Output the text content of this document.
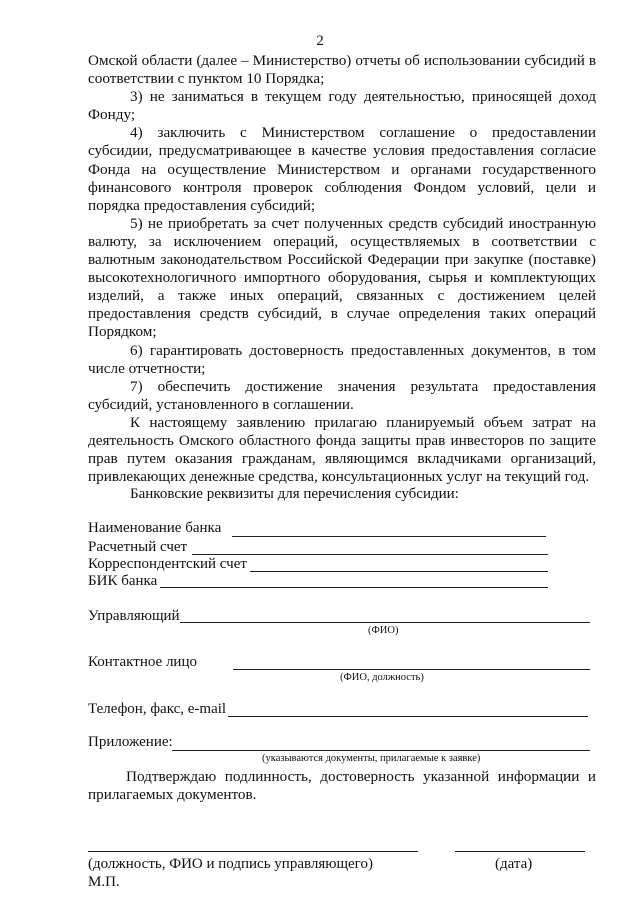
2

Омской области (далее – Министерство) отчеты об использовании субсидий в соответствии с пунктом 10 Порядка;

3) не заниматься в текущем году деятельностью, приносящей доход Фонду;

4) заключить с Министерством соглашение о предоставлении субсидии, предусматривающее в качестве условия предоставления согласие Фонда на осуществление Министерством и органами государственного финансового контроля проверок соблюдения Фондом условий, цели и порядка предоставления субсидий;

5) не приобретать за счет полученных средств субсидий иностранную валюту, за исключением операций, осуществляемых в соответствии с валютным законодательством Российской Федерации при закупке (поставке) высокотехнологичного импортного оборудования, сырья и комплектующих изделий, а также иных операций, связанных с достижением целей предоставления средств субсидий, в случае определения таких операций Порядком;

6) гарантировать достоверность предоставленных документов, в том числе отчетности;

7) обеспечить достижение значения результата предоставления субсидий, установленного в соглашении.

К настоящему заявлению прилагаю планируемый объем затрат на деятельность Омского областного фонда защиты прав инвесторов по защите прав путем оказания гражданам, являющимся вкладчиками организаций, привлекающих денежные средства, консультационных услуг на текущий год.

Банковские реквизиты для перечисления субсидии:
Наименование банка
Расчетный счет
Корреспондентский счет
БИК банка
Управляющий
(ФИО)
Контактное лицо
(ФИО, должность)
Телефон, факс, e-mail
Приложение:
(указываются документы, прилагаемые к заявке)

Подтверждаю подлинность, достоверность указанной информации и прилагаемых документов.

(должность, ФИО и подпись управляющего)	(дата)
М.П.
